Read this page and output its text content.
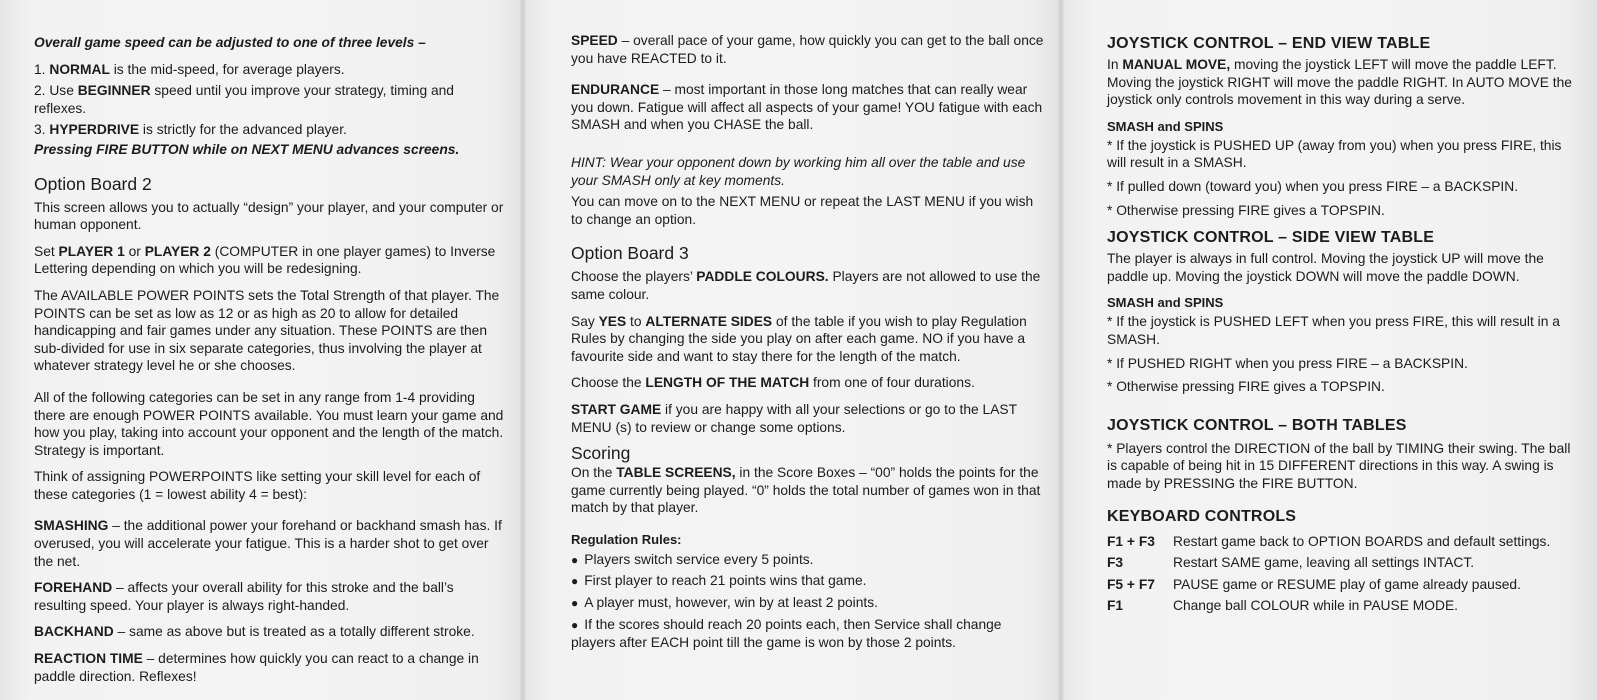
Overall game speed can be adjusted to one of three levels –

1. NORMAL is the mid-speed, for average players.

2. Use BEGINNER speed until you improve your strategy, timing and reflexes.

3. HYPERDRIVE is strictly for the advanced player.

Pressing FIRE BUTTON while on NEXT MENU advances screens.

Option Board 2

This screen allows you to actually “design” your player, and your computer or human opponent.

Set PLAYER 1 or PLAYER 2 (COMPUTER in one player games) to Inverse Lettering depending on which you will be redesigning.

The AVAILABLE POWER POINTS sets the Total Strength of that player. The POINTS can be set as low as 12 or as high as 20 to allow for detailed handicapping and fair games under any situation. These POINTS are then sub-divided for use in six separate categories, thus involving the player at whatever strategy level he or she chooses.

All of the following categories can be set in any range from 1-4 providing there are enough POWER POINTS available. You must learn your game and how you play, taking into account your opponent and the length of the match. Strategy is important.

Think of assigning POWERPOINTS like setting your skill level for each of these categories (1 = lowest ability 4 = best):

SMASHING – the additional power your forehand or backhand smash has. If overused, you will accelerate your fatigue. This is a harder shot to get over the net.

FOREHAND – affects your overall ability for this stroke and the ball’s resulting speed. Your player is always right-handed.

BACKHAND – same as above but is treated as a totally different stroke.

REACTION TIME – determines how quickly you can react to a change in paddle direction. Reflexes!

SPEED – overall pace of your game, how quickly you can get to the ball once you have REACTED to it.

ENDURANCE – most important in those long matches that can really wear you down. Fatigue will affect all aspects of your game! YOU fatigue with each SMASH and when you CHASE the ball.

HINT: Wear your opponent down by working him all over the table and use your SMASH only at key moments.

You can move on to the NEXT MENU or repeat the LAST MENU if you wish to change an option.

Option Board 3

Choose the players’ PADDLE COLOURS. Players are not allowed to use the same colour.

Say YES to ALTERNATE SIDES of the table if you wish to play Regulation Rules by changing the side you play on after each game. NO if you have a favourite side and want to stay there for the length of the match.

Choose the LENGTH OF THE MATCH from one of four durations.

START GAME if you are happy with all your selections or go to the LAST MENU (s) to review or change some options.

Scoring

On the TABLE SCREENS, in the Score Boxes – “00” holds the points for the game currently being played. “0” holds the total number of games won in that match by that player.

Regulation Rules:

● Players switch service every 5 points.

● First player to reach 21 points wins that game.

● A player must, however, win by at least 2 points.

● If the scores should reach 20 points each, then Service shall change players after EACH point till the game is won by those 2 points.

JOYSTICK CONTROL – END VIEW TABLE

In MANUAL MOVE, moving the joystick LEFT will move the paddle LEFT. Moving the joystick RIGHT will move the paddle RIGHT. In AUTO MOVE the joystick only controls movement in this way during a serve.

SMASH and SPINS

* If the joystick is PUSHED UP (away from you) when you press FIRE, this will result in a SMASH.

* If pulled down (toward you) when you press FIRE – a BACKSPIN.

* Otherwise pressing FIRE gives a TOPSPIN.

JOYSTICK CONTROL – SIDE VIEW TABLE

The player is always in full control. Moving the joystick UP will move the paddle up. Moving the joystick DOWN will move the paddle DOWN.

SMASH and SPINS

* If the joystick is PUSHED LEFT when you press FIRE, this will result in a SMASH.

* If PUSHED RIGHT when you press FIRE – a BACKSPIN.

* Otherwise pressing FIRE gives a TOPSPIN.

JOYSTICK CONTROL – BOTH TABLES

* Players control the DIRECTION of the ball by TIMING their swing. The ball is capable of being hit in 15 DIFFERENT directions in this way. A swing is made by PRESSING the FIRE BUTTON.

KEYBOARD CONTROLS
F1 + F3	Restart game back to OPTION BOARDS and default settings.
F3	Restart SAME game, leaving all settings INTACT.
F5 + F7	PAUSE game or RESUME play of game already paused.
F1	Change ball COLOUR while in PAUSE MODE.
